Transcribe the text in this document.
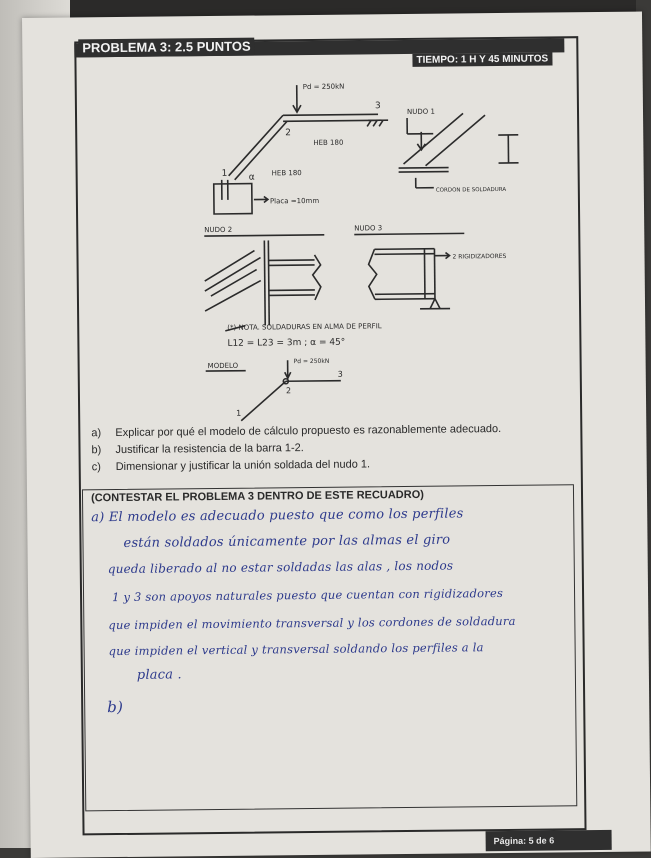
PROBLEMA 3: 2.5 PUNTOS
TIEMPO: 1 H Y 45 MINUTOS
Pd = 250kN
3
2
1
HEB 180
HEB 180
α
Placa =10mm
NUDO 1
CORDON DE SOLDADURA
NUDO 2	NUDO 3
2 RIGIDIZADORES
(*) NOTA. SOLDADURAS EN ALMA DE PERFIL
L12 = L23 = 3m ; α = 45°
MODELO
Pd = 250kN
3
2
1
a)	Explicar por qué el modelo de cálculo propuesto es razonablemente adecuado.
b)	Justificar la resistencia de la barra 1-2.
c)	Dimensionar y justificar la unión soldada del nudo 1.
(CONTESTAR EL PROBLEMA 3 DENTRO DE ESTE RECUADRO)
a) El modelo es adecuado puesto que como los perfiles
están soldados únicamente por las almas el giro
queda liberado al no estar soldadas las alas , los nodos
1 y 3 son apoyos naturales puesto que cuentan con rigidizadores
que impiden el movimiento transversal y los cordones de soldadura
que impiden el vertical y transversal soldando los perfiles a la
placa .
b)
Página: 5 de 6
